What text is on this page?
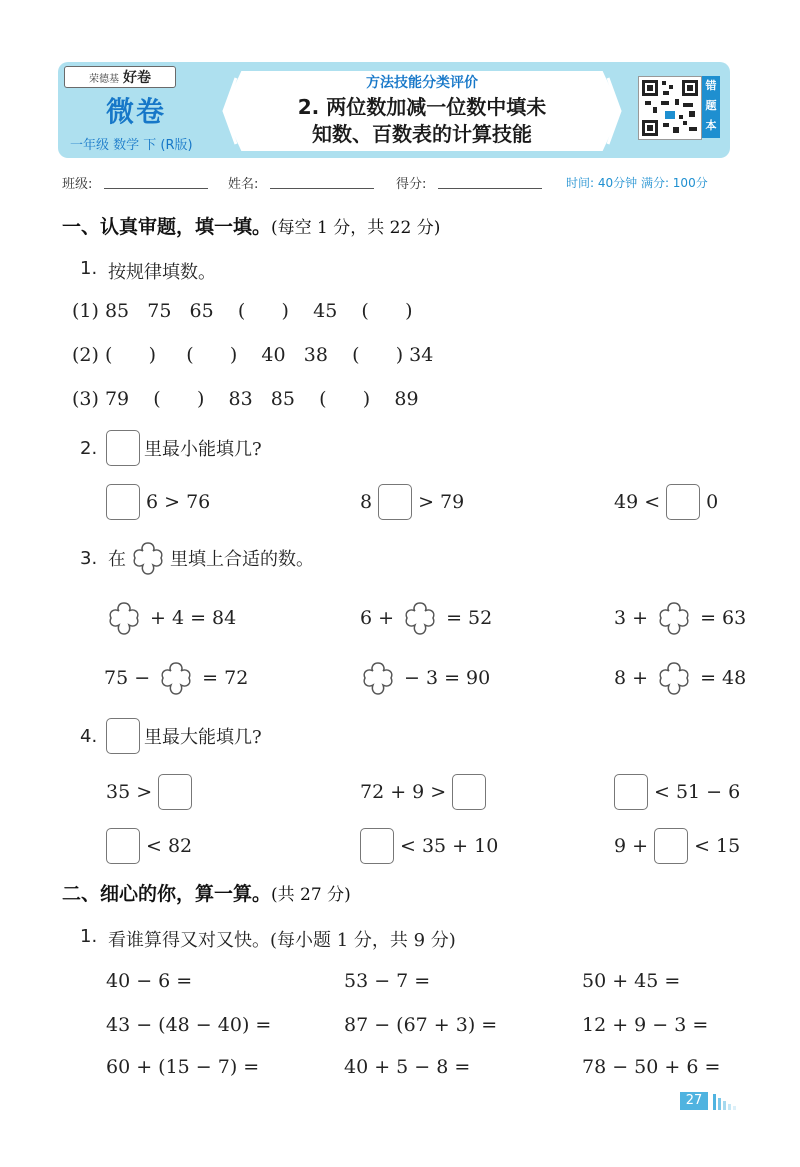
荣德基 好卷
微卷
一年级 数学 下 (R版)
方法技能分类评价
2. 两位数加减一位数中填未
知数、百数表的计算技能
错题本
班级:	姓名:	得分:	时间: 40分钟 满分: 100分
一、认真审题，填一填。(每空 1 分，共 22 分)
1. 按规律填数。
(1) 85   75   65    (      )    45    (      )
(2) (      )     (      )    40   38    (      ) 34
(3) 79    (      )    83   85    (      )    89
2.	里最小能填几?
6 > 76	8 > 79	49 < 0
3. 在 里填上合适的数。
+ 4 = 84	6 +	= 52	3 +	= 63
75 −	= 72	− 3 = 90	8 +	= 48
4.	里最大能填几?
35 >	72 + 9 >	< 51 − 6
< 82	< 35 + 10	9 + < 15
二、细心的你，算一算。(共 27 分)
1. 看谁算得又对又快。(每小题 1 分，共 9 分)
40 − 6 =	53 − 7 =	50 + 45 =
43 − (48 − 40) =	87 − (67 + 3) =	12 + 9 − 3 =
60 + (15 − 7) =	40 + 5 − 8 =	78 − 50 + 6 =
27
